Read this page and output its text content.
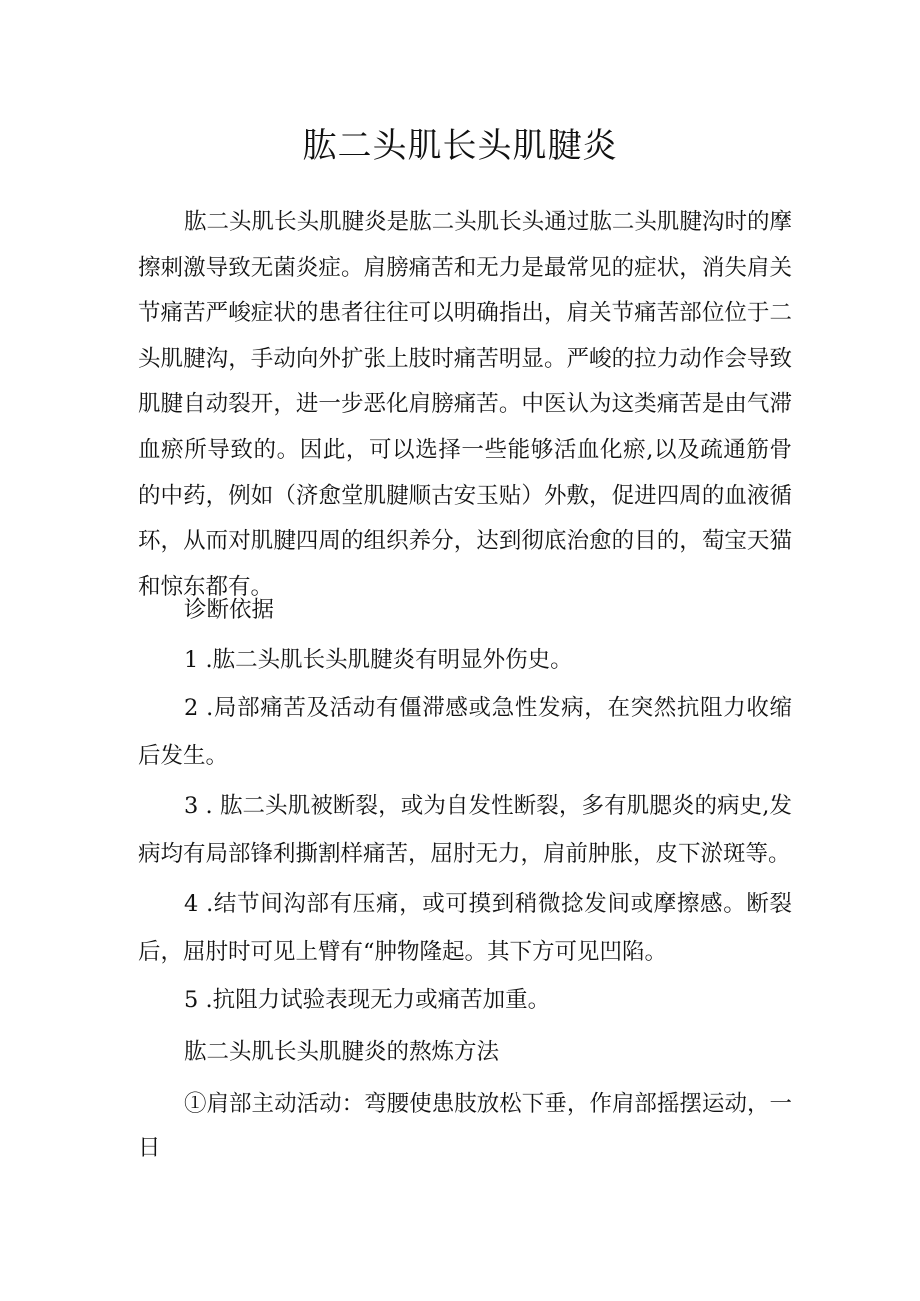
肱二头肌长头肌腱炎

肱二头肌长头肌腱炎是肱二头肌长头通过肱二头肌腱沟时的摩擦刺激导致无菌炎症。肩膀痛苦和无力是最常见的症状，消失肩关节痛苦严峻症状的患者往往可以明确指出，肩关节痛苦部位位于二头肌腱沟，手动向外扩张上肢时痛苦明显。严峻的拉力动作会导致肌腱自动裂开，进一步恶化肩膀痛苦。中医认为这类痛苦是由气滞血瘀所导致的。因此，可以选择一些能够活血化瘀,以及疏通筋骨的中药，例如（济愈堂肌腱顺古安玉贴）外敷，促进四周的血液循环，从而对肌腱四周的组织养分，达到彻底治愈的目的，萄宝天猫和惊东都有。

诊断依据

1 .肱二头肌长头肌腱炎有明显外伤史。

2 .局部痛苦及活动有僵滞感或急性发病，在突然抗阻力收缩后发生。

3 . 肱二头肌被断裂，或为自发性断裂，多有肌腮炎的病史,发病均有局部锋利撕割样痛苦，屈肘无力，肩前肿胀，皮下淤斑等。

4 .结节间沟部有压痛，或可摸到稍微捻发间或摩擦感。断裂后，屈肘时可见上臂有“肿物隆起。其下方可见凹陷。

5 .抗阻力试验表现无力或痛苦加重。

肱二头肌长头肌腱炎的熬炼方法

①肩部主动活动：弯腰使患肢放松下垂，作肩部摇摆运动，一日
